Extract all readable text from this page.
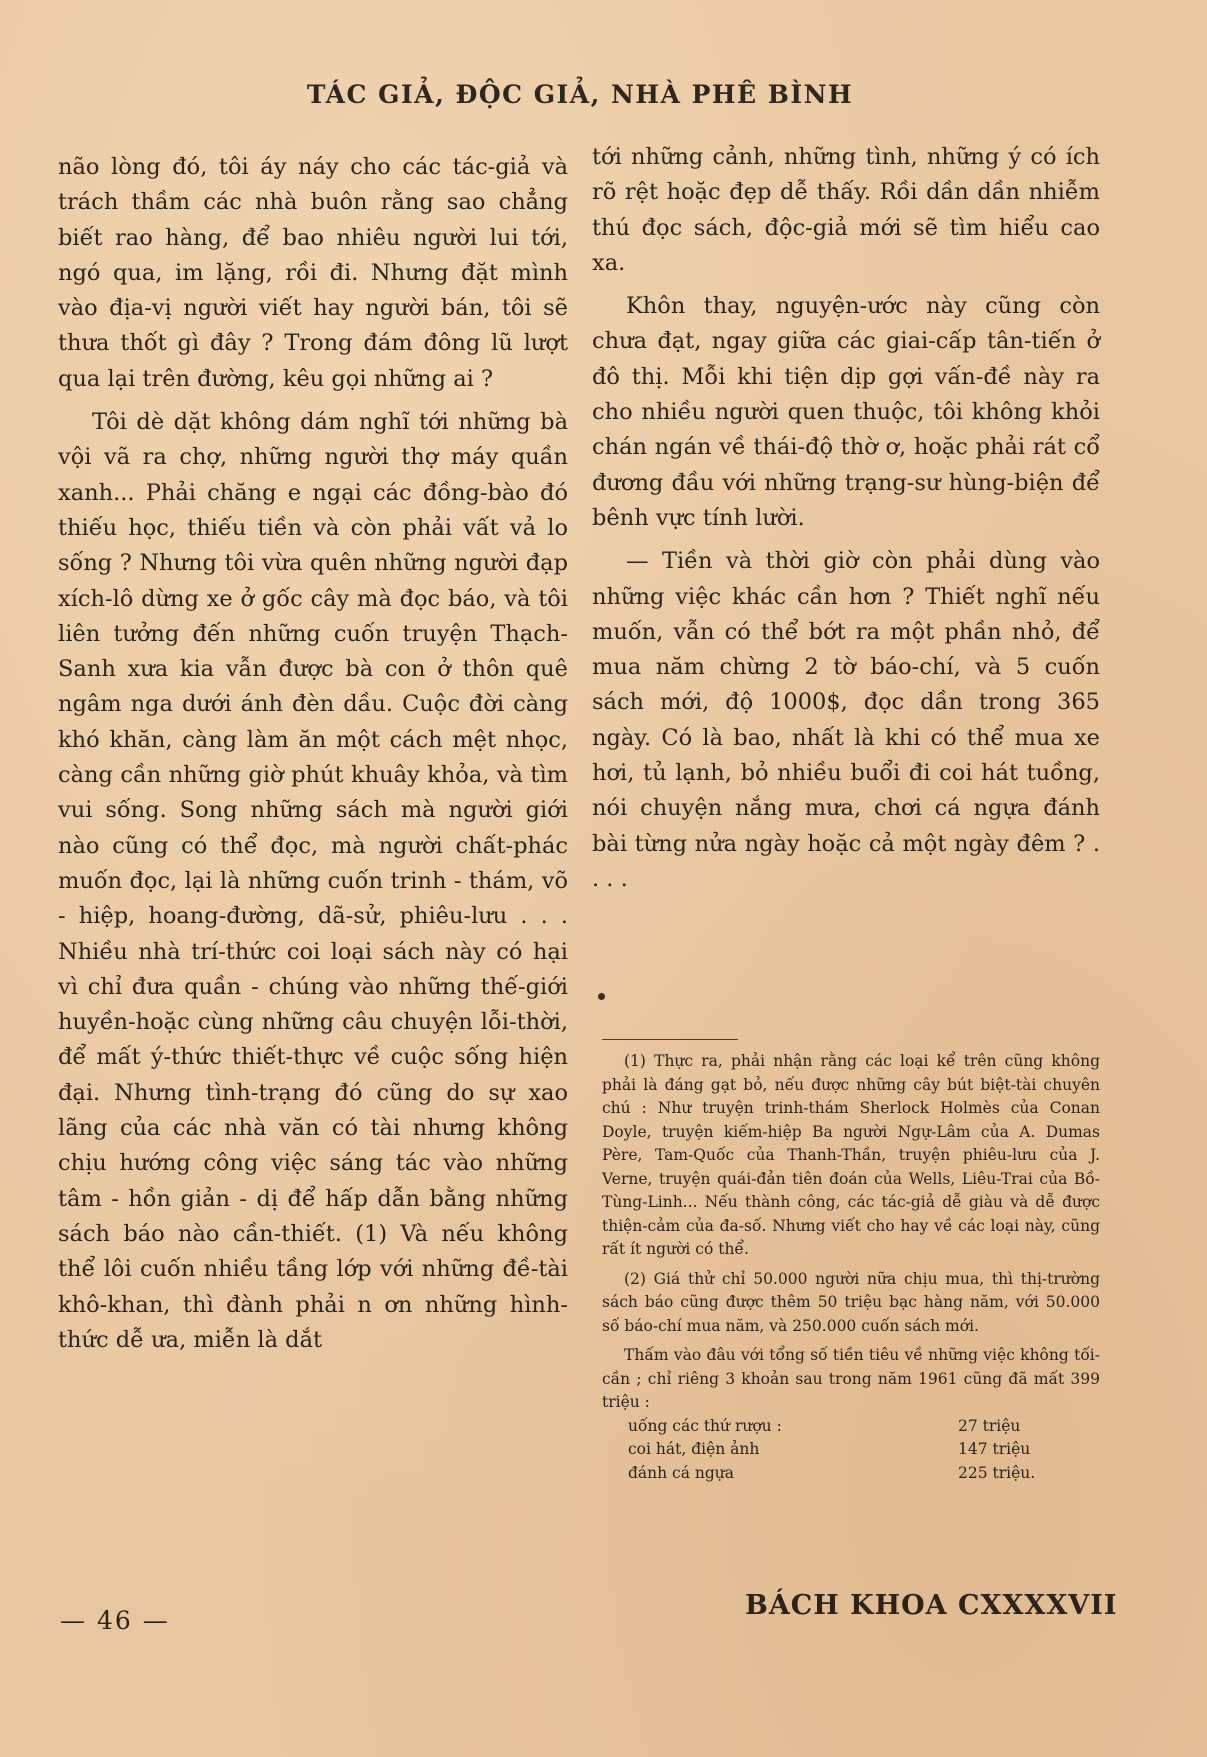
TÁC GIẢ, ĐỘC GIẢ, NHÀ PHÊ BÌNH

não lòng đó, tôi áy náy cho các tác-giả và trách thầm các nhà buôn rằng sao chẳng biết rao hàng, để bao nhiêu người lui tới, ngó qua, im lặng, rồi đi. Nhưng đặt mình vào địa-vị người viết hay người bán, tôi sẽ thưa thốt gì đây ? Trong đám đông lũ lượt qua lại trên đường, kêu gọi những ai ?

Tôi dè dặt không dám nghĩ tới những bà vội vã ra chợ, những người thợ máy quần xanh... Phải chăng e ngại các đồng-bào đó thiếu học, thiếu tiền và còn phải vất vả lo sống ? Nhưng tôi vừa quên những người đạp xích-lô dừng xe ở gốc cây mà đọc báo, và tôi liên tưởng đến những cuốn truyện Thạch-Sanh xưa kia vẫn được bà con ở thôn quê ngâm nga dưới ánh đèn dầu. Cuộc đời càng khó khăn, càng làm ăn một cách mệt nhọc, càng cần những giờ phút khuây khỏa, và tìm vui sống. Song những sách mà người giới nào cũng có thể đọc, mà người chất-phác muốn đọc, lại là những cuốn trinh - thám, võ - hiệp, hoang-đường, dã-sử, phiêu-lưu . . . Nhiều nhà trí-thức coi loại sách này có hại vì chỉ đưa quần - chúng vào những thế-giới huyền-hoặc cùng những câu chuyện lỗi-thời, để mất ý-thức thiết-thực về cuộc sống hiện đại. Nhưng tình-trạng đó cũng do sự xao lãng của các nhà văn có tài nhưng không chịu hướng công việc sáng tác vào những tâm - hồn giản - dị để hấp dẫn bằng những sách báo nào cần-thiết. (1) Và nếu không thể lôi cuốn nhiều tầng lớp với những đề-tài khô-khan, thì đành phải n ơn những hình-thức dễ ưa, miễn là dắt

tới những cảnh, những tình, những ý có ích rõ rệt hoặc đẹp dễ thấy. Rồi dần dần nhiễm thú đọc sách, độc-giả mới sẽ tìm hiểu cao xa.

Khôn thay, nguyện-ước này cũng còn chưa đạt, ngay giữa các giai-cấp tân-tiến ở đô thị. Mỗi khi tiện dịp gợi vấn-đề này ra cho nhiều người quen thuộc, tôi không khỏi chán ngán về thái-độ thờ ơ, hoặc phải rát cổ đương đầu với những trạng-sư hùng-biện để bênh vực tính lười.

— Tiền và thời giờ còn phải dùng vào những việc khác cần hơn ? Thiết nghĩ nếu muốn, vẫn có thể bớt ra một phần nhỏ, để mua năm chừng 2 tờ báo-chí, và 5 cuốn sách mới, độ 1000$, đọc dần trong 365 ngày. Có là bao, nhất là khi có thể mua xe hơi, tủ lạnh, bỏ nhiều buổi đi coi hát tuồng, nói chuyện nắng mưa, chơi cá ngựa đánh bài từng nửa ngày hoặc cả một ngày đêm ? . . . .

(1) Thực ra, phải nhận rằng các loại kể trên cũng không phải là đáng gạt bỏ, nếu được những cây bút biệt-tài chuyên chú : Như truyện trinh-thám Sherlock Holmès của Conan Doyle, truyện kiếm-hiệp Ba người Ngự-Lâm của A. Dumas Père, Tam-Quốc của Thanh-Thần, truyện phiêu-lưu của J. Verne, truyện quái-đản tiên đoán của Wells, Liêu-Trai của Bồ-Tùng-Linh... Nếu thành công, các tác-giả dễ giàu và dễ được thiện-cảm của đa-số. Nhưng viết cho hay về các loại này, cũng rất ít người có thể.

(2) Giá thử chỉ 50.000 người nữa chịu mua, thì thị-trường sách báo cũng được thêm 50 triệu bạc hàng năm, với 50.000 số báo-chí mua năm, và 250.000 cuốn sách mới.

Thấm vào đâu với tổng số tiền tiêu về những việc không tối-cần ; chỉ riêng 3 khoản sau trong năm 1961 cũng đã mất 399 triệu :

uống các thứ rượu :	27 triệu
coi hát, điện ảnh	147 triệu
đánh cá ngựa	225 triệu.
— 46 —	BÁCH KHOA CXXXXVII
